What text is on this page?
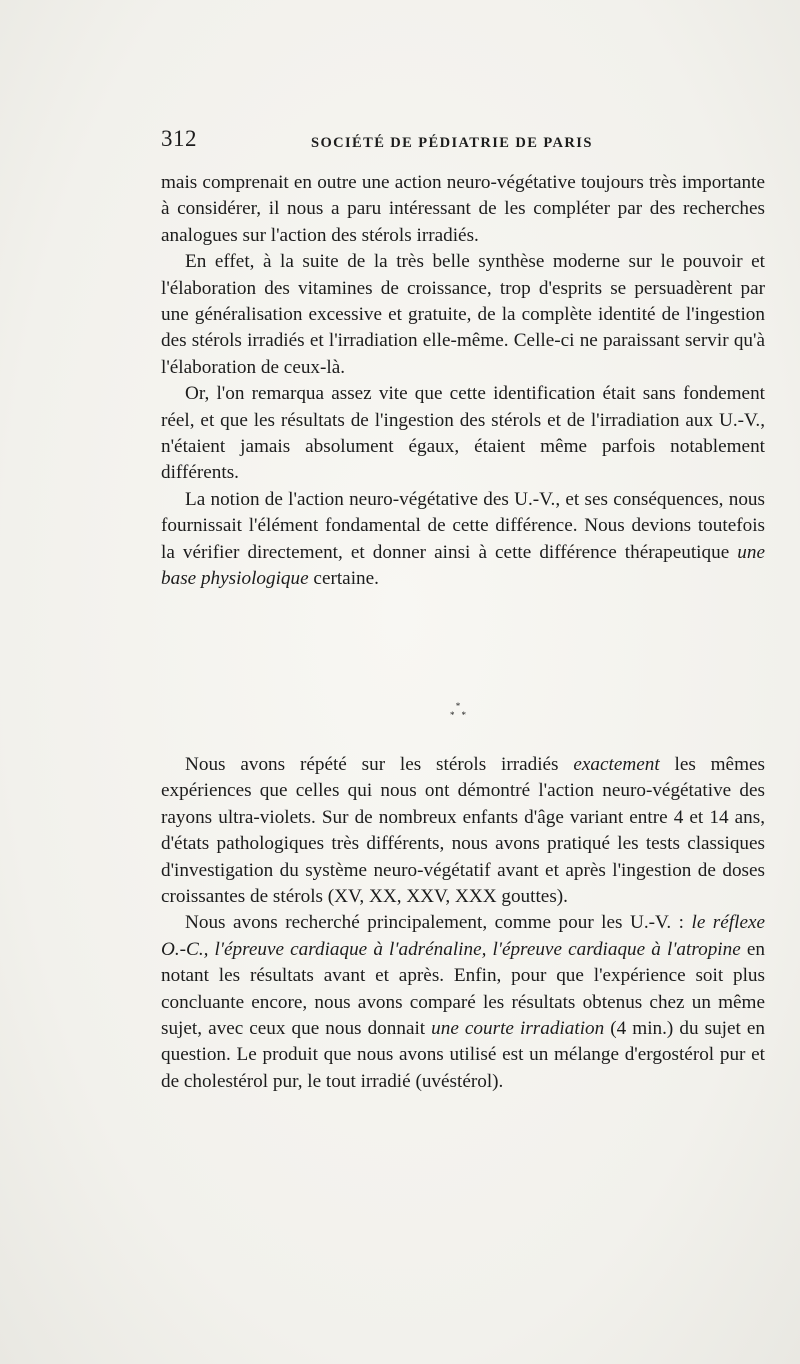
312	SOCIÉTÉ DE PÉDIATRIE DE PARIS

mais comprenait en outre une action neuro-végétative toujours très importante à considérer, il nous a paru intéressant de les compléter par des recherches analogues sur l'action des stérols irradiés.

En effet, à la suite de la très belle synthèse moderne sur le pouvoir et l'élaboration des vitamines de croissance, trop d'esprits se persuadèrent par une généralisation excessive et gratuite, de la complète identité de l'ingestion des stérols irradiés et l'irradiation elle-même. Celle-ci ne paraissant servir qu'à l'élaboration de ceux-là.

Or, l'on remarqua assez vite que cette identification était sans fondement réel, et que les résultats de l'ingestion des stérols et de l'irradiation aux U.-V., n'étaient jamais absolument égaux, étaient même parfois notablement différents.

La notion de l'action neuro-végétative des U.-V., et ses conséquences, nous fournissait l'élément fondamental de cette différence. Nous devions toutefois la vérifier directement, et donner ainsi à cette différence thérapeutique une base physiologique certaine.

*
* *

Nous avons répété sur les stérols irradiés exactement les mêmes expériences que celles qui nous ont démontré l'action neuro-végétative des rayons ultra-violets. Sur de nombreux enfants d'âge variant entre 4 et 14 ans, d'états pathologiques très différents, nous avons pratiqué les tests classiques d'investigation du système neuro-végétatif avant et après l'ingestion de doses croissantes de stérols (XV, XX, XXV, XXX gouttes).

Nous avons recherché principalement, comme pour les U.-V. : le réflexe O.-C., l'épreuve cardiaque à l'adrénaline, l'épreuve cardiaque à l'atropine en notant les résultats avant et après. Enfin, pour que l'expérience soit plus concluante encore, nous avons comparé les résultats obtenus chez un même sujet, avec ceux que nous donnait une courte irradiation (4 min.) du sujet en question. Le produit que nous avons utilisé est un mélange d'ergostérol pur et de cholestérol pur, le tout irradié (uvéstérol).
